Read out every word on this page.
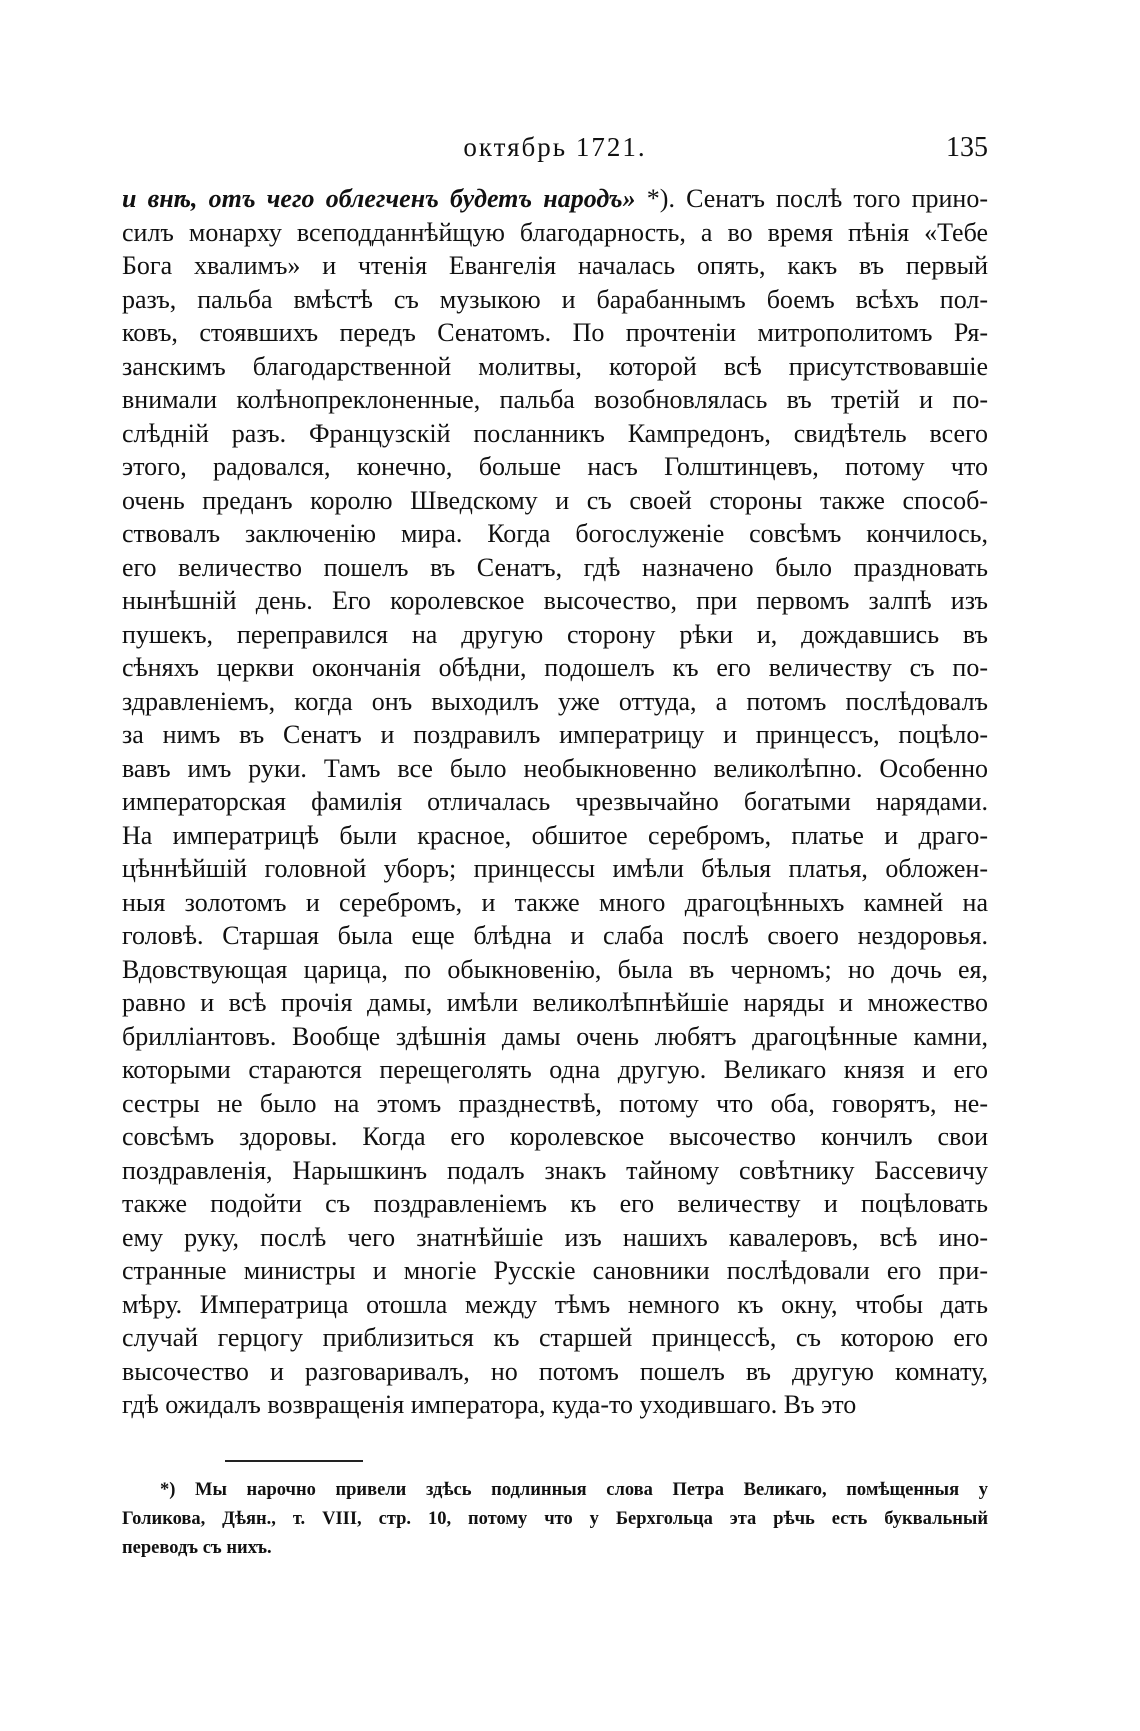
октябрь 1721.	135
и внѣ, отъ чего облегченъ будетъ народъ» *). Сенатъ послѣ того прино-
силъ монарху всеподданнѣйщую благодарность, а во время пѣнія «Тебе
Бога хвалимъ» и чтенія Евангелія началась опять, какъ въ первый
разъ, пальба вмѣстѣ съ музыкою и барабаннымъ боемъ всѣхъ пол-
ковъ, стоявшихъ передъ Сенатомъ. По прочтеніи митрополитомъ Ря-
занскимъ благодарственной молитвы, которой всѣ присутствовавшіе
внимали колѣнопреклоненные, пальба возобновлялась въ третій и по-
слѣдній разъ. Французскій посланникъ Кампредонъ, свидѣтель всего
этого, радовался, конечно, больше насъ Голштинцевъ, потому что
очень преданъ королю Шведскому и съ своей стороны также способ-
ствовалъ заключенію мира. Когда богослуженіе совсѣмъ кончилось,
его величество пошелъ въ Сенатъ, гдѣ назначено было праздновать
нынѣшній день. Его королевское высочество, при первомъ залпѣ изъ
пушекъ, переправился на другую сторону рѣки и, дождавшись въ
сѣняхъ церкви окончанія обѣдни, подошелъ къ его величеству съ по-
здравленіемъ, когда онъ выходилъ уже оттуда, а потомъ послѣдовалъ
за нимъ въ Сенатъ и поздравилъ императрицу и принцессъ, поцѣло-
вавъ имъ руки. Тамъ все было необыкновенно великолѣпно. Особенно
императорская фамилія отличалась чрезвычайно богатыми нарядами.
На императрицѣ были красное, обшитое серебромъ, платье и драго-
цѣннѣйшій головной уборъ; принцессы имѣли бѣлыя платья, обложен-
ныя золотомъ и серебромъ, и также много драгоцѣнныхъ камней на
головѣ. Старшая была еще блѣдна и слаба послѣ своего нездоровья.
Вдовствующая царица, по обыкновенію, была въ черномъ; но дочь ея,
равно и всѣ прочія дамы, имѣли великолѣпнѣйшіе наряды и множество
брилліантовъ. Вообще здѣшнія дамы очень любятъ драгоцѣнные камни,
которыми стараются перещеголять одна другую. Великаго князя и его
сестры не было на этомъ празднествѣ, потому что оба, говорятъ, не-
совсѣмъ здоровы. Когда его королевское высочество кончилъ свои
поздравленія, Нарышкинъ подалъ знакъ тайному совѣтнику Бассевичу
также подойти съ поздравленіемъ къ его величеству и поцѣловать
ему руку, послѣ чего знатнѣйшіе изъ нашихъ кавалеровъ, всѣ ино-
странные министры и многіе Русскіе сановники послѣдовали его при-
мѣру. Императрица отошла между тѣмъ немного къ окну, чтобы дать
случай герцогу приблизиться къ старшей принцессѣ, съ которою его
высочество и разговаривалъ, но потомъ пошелъ въ другую комнату,
гдѣ ожидалъ возвращенія императора, куда-то уходившаго. Въ это
*) Мы нарочно привели здѣсь подлинныя слова Петра Великаго, помѣщенныя у
Голикова, Дѣян., т. VIII, стр. 10, потому что у Берхгольца эта рѣчь есть буквальный
переводъ съ нихъ.
